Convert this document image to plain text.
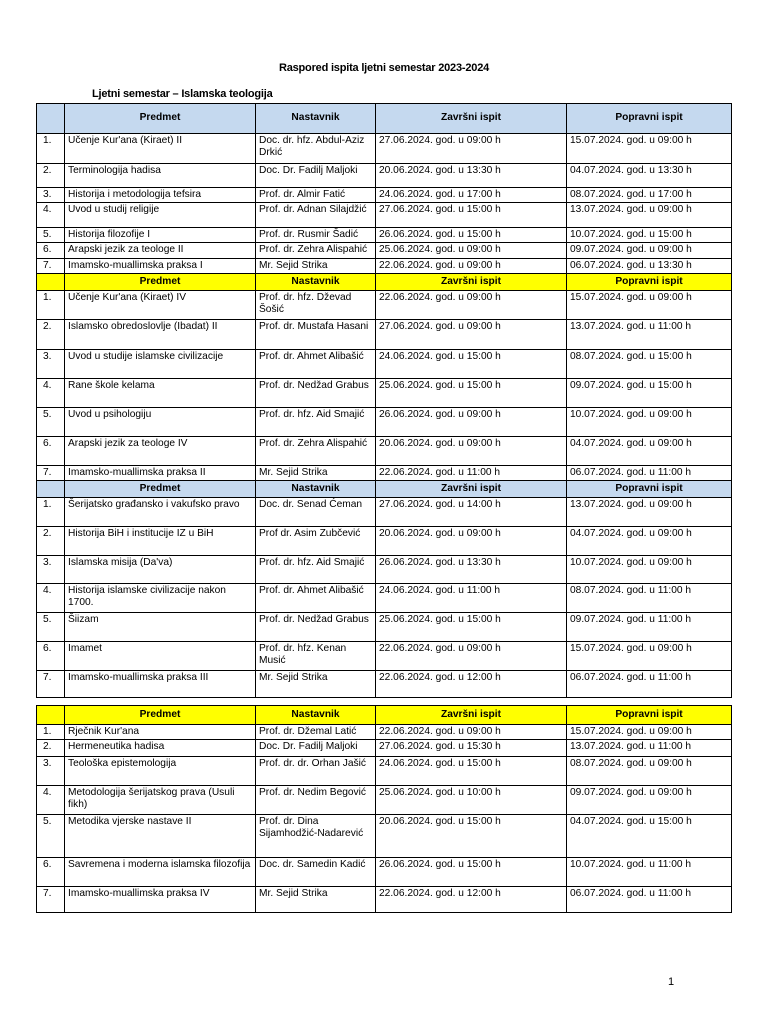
Raspored ispita ljetni semestar 2023-2024
Ljetni semestar – Islamska teologija
	Predmet	Nastavnik	Završni ispit	Popravni ispit
1.	Učenje Kur'ana (Kiraet) II	Doc. dr. hfz. Abdul-Aziz Drkić	27.06.2024. god. u 09:00 h	15.07.2024. god. u 09:00 h
2.	Terminologija hadisa	Doc. Dr. Fadilj Maljoki	20.06.2024. god. u 13:30 h	04.07.2024. god. u 13:30 h
3.	Historija i metodologija tefsira	Prof. dr. Almir Fatić	24.06.2024. god. u 17:00 h	08.07.2024. god. u 17:00 h
4.	Uvod u studij religije	Prof. dr. Adnan Silajdžić	27.06.2024. god. u 15:00 h	13.07.2024. god. u 09:00 h
5.	Historija filozofije I	Prof. dr. Rusmir Šadić	26.06.2024. god. u 15:00 h	10.07.2024. god. u 15:00 h
6.	Arapski jezik za teologe II	Prof. dr. Zehra Alispahić	25.06.2024. god. u 09:00 h	09.07.2024. god. u 09:00 h
7.	Imamsko-muallimska praksa I	Mr. Sejid Strika	22.06.2024. god. u 09:00 h	06.07.2024. god. u 13:30 h
	Predmet	Nastavnik	Završni ispit	Popravni ispit
1.	Učenje Kur'ana (Kiraet) IV	Prof. dr. hfz. Dževad Šošić	22.06.2024. god. u 09:00 h	15.07.2024. god. u 09:00 h
2.	Islamsko obredoslovlje (Ibadat) II	Prof. dr. Mustafa Hasani	27.06.2024. god. u 09:00 h	13.07.2024. god. u 11:00 h
3.	Uvod u studije islamske civilizacije	Prof. dr. Ahmet Alibašić	24.06.2024. god. u 15:00 h	08.07.2024. god. u 15:00 h
4.	Rane škole kelama	Prof. dr. Nedžad Grabus	25.06.2024. god. u 15:00 h	09.07.2024. god. u 15:00 h
5.	Uvod u psihologiju	Prof. dr. hfz. Aid Smajić	26.06.2024. god. u 09:00 h	10.07.2024. god. u 09:00 h
6.	Arapski jezik za teologe IV	Prof. dr. Zehra Alispahić	20.06.2024. god. u 09:00 h	04.07.2024. god. u 09:00 h
7.	Imamsko-muallimska praksa II	Mr. Sejid Strika	22.06.2024. god. u 11:00 h	06.07.2024. god. u 11:00 h
	Predmet	Nastavnik	Završni ispit	Popravni ispit
1.	Šerijatsko građansko i vakufsko pravo	Doc. dr. Senad Ćeman	27.06.2024. god. u 14:00 h	13.07.2024. god. u 09:00 h
2.	Historija BiH i institucije IZ u BiH	Prof dr. Asim Zubčević	20.06.2024. god. u 09:00 h	04.07.2024. god. u 09:00 h
3.	Islamska misija (Da'va)	Prof. dr. hfz. Aid Smajić	26.06.2024. god. u 13:30 h	10.07.2024. god. u 09:00 h
4.	Historija islamske civilizacije nakon 1700.	Prof. dr. Ahmet Alibašić	24.06.2024. god. u 11:00 h	08.07.2024. god. u 11:00 h
5.	Šiizam	Prof. dr. Nedžad Grabus	25.06.2024. god. u 15:00 h	09.07.2024. god. u 11:00 h
6.	Imamet	Prof. dr. hfz. Kenan Musić	22.06.2024. god. u 09:00 h	15.07.2024. god. u 09:00 h
7.	Imamsko-muallimska praksa III	Mr. Sejid Strika	22.06.2024. god. u 12:00 h	06.07.2024. god. u 11:00 h

	Predmet	Nastavnik	Završni ispit	Popravni ispit
1.	Rječnik Kur'ana	Prof. dr. Džemal Latić	22.06.2024. god. u 09:00 h	15.07.2024. god. u 09:00 h
2.	Hermeneutika hadisa	Doc. Dr. Fadilj Maljoki	27.06.2024. god. u 15:30 h	13.07.2024. god. u 11:00 h
3.	Teološka epistemologija	Prof. dr. dr. Orhan Jašić	24.06.2024. god. u 15:00 h	08.07.2024. god. u 09:00 h
4.	Metodologija šerijatskog prava (Usuli fikh)	Prof. dr. Nedim Begović	25.06.2024. god. u 10:00 h	09.07.2024. god. u 09:00 h
5.	Metodika vjerske nastave II	Prof. dr. Dina Sijamhodžić-Nadarević	20.06.2024. god. u 15:00 h	04.07.2024. god. u 15:00 h
6.	Savremena i moderna islamska filozofija	Doc. dr. Samedin Kadić	26.06.2024. god. u 15:00 h	10.07.2024. god. u 11:00 h
7.	Imamsko-muallimska praksa IV	Mr. Sejid Strika	22.06.2024. god. u 12:00 h	06.07.2024. god. u 11:00 h
1
